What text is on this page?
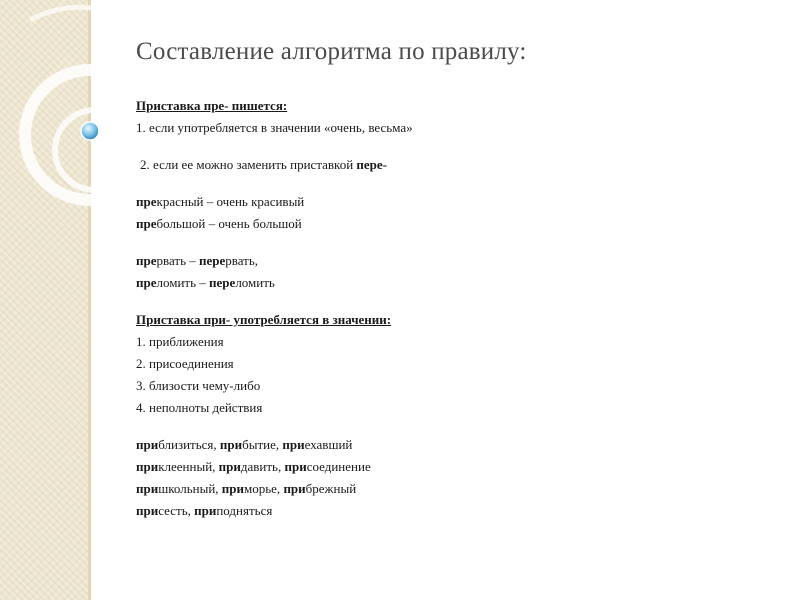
Составление алгоритма по правилу:
Приставка пре- пишется:
1. если употребляется в значении «очень, весьма»
2. если ее можно заменить приставкой пере-
прекрасный – очень красивый
пребольшой – очень большой
прервать – перервать,
преломить – переломить
Приставка при- употребляется в значении:
1. приближения
2. присоединения
3. близости чему-либо
4. неполноты действия
приблизиться, прибытие, приехавший
приклеенный, придавить, присоединение
пришкольный, приморье, прибрежный
присесть, приподняться
